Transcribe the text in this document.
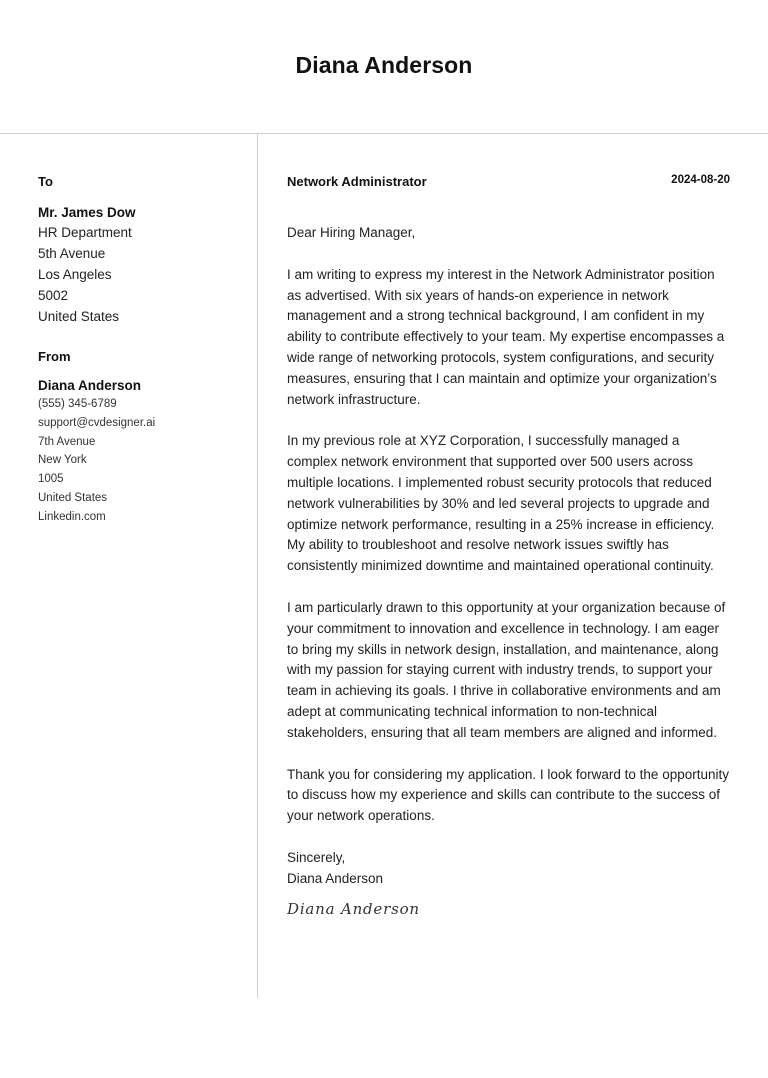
Diana Anderson
To
Mr. James Dow
HR Department
5th Avenue
Los Angeles
5002
United States
From
Diana Anderson
(555) 345-6789
support@cvdesigner.ai
7th Avenue
New York
1005
United States
Linkedin.com
Network Administrator	2024-08-20
Dear Hiring Manager,
I am writing to express my interest in the Network Administrator position as advertised. With six years of hands-on experience in network management and a strong technical background, I am confident in my ability to contribute effectively to your team. My expertise encompasses a wide range of networking protocols, system configurations, and security measures, ensuring that I can maintain and optimize your organization’s network infrastructure.
In my previous role at XYZ Corporation, I successfully managed a complex network environment that supported over 500 users across multiple locations. I implemented robust security protocols that reduced network vulnerabilities by 30% and led several projects to upgrade and optimize network performance, resulting in a 25% increase in efficiency. My ability to troubleshoot and resolve network issues swiftly has consistently minimized downtime and maintained operational continuity.
I am particularly drawn to this opportunity at your organization because of your commitment to innovation and excellence in technology. I am eager to bring my skills in network design, installation, and maintenance, along with my passion for staying current with industry trends, to support your team in achieving its goals. I thrive in collaborative environments and am adept at communicating technical information to non-technical stakeholders, ensuring that all team members are aligned and informed.
Thank you for considering my application. I look forward to the opportunity to discuss how my experience and skills can contribute to the success of your network operations.
Sincerely,
Diana Anderson
Diana Anderson
